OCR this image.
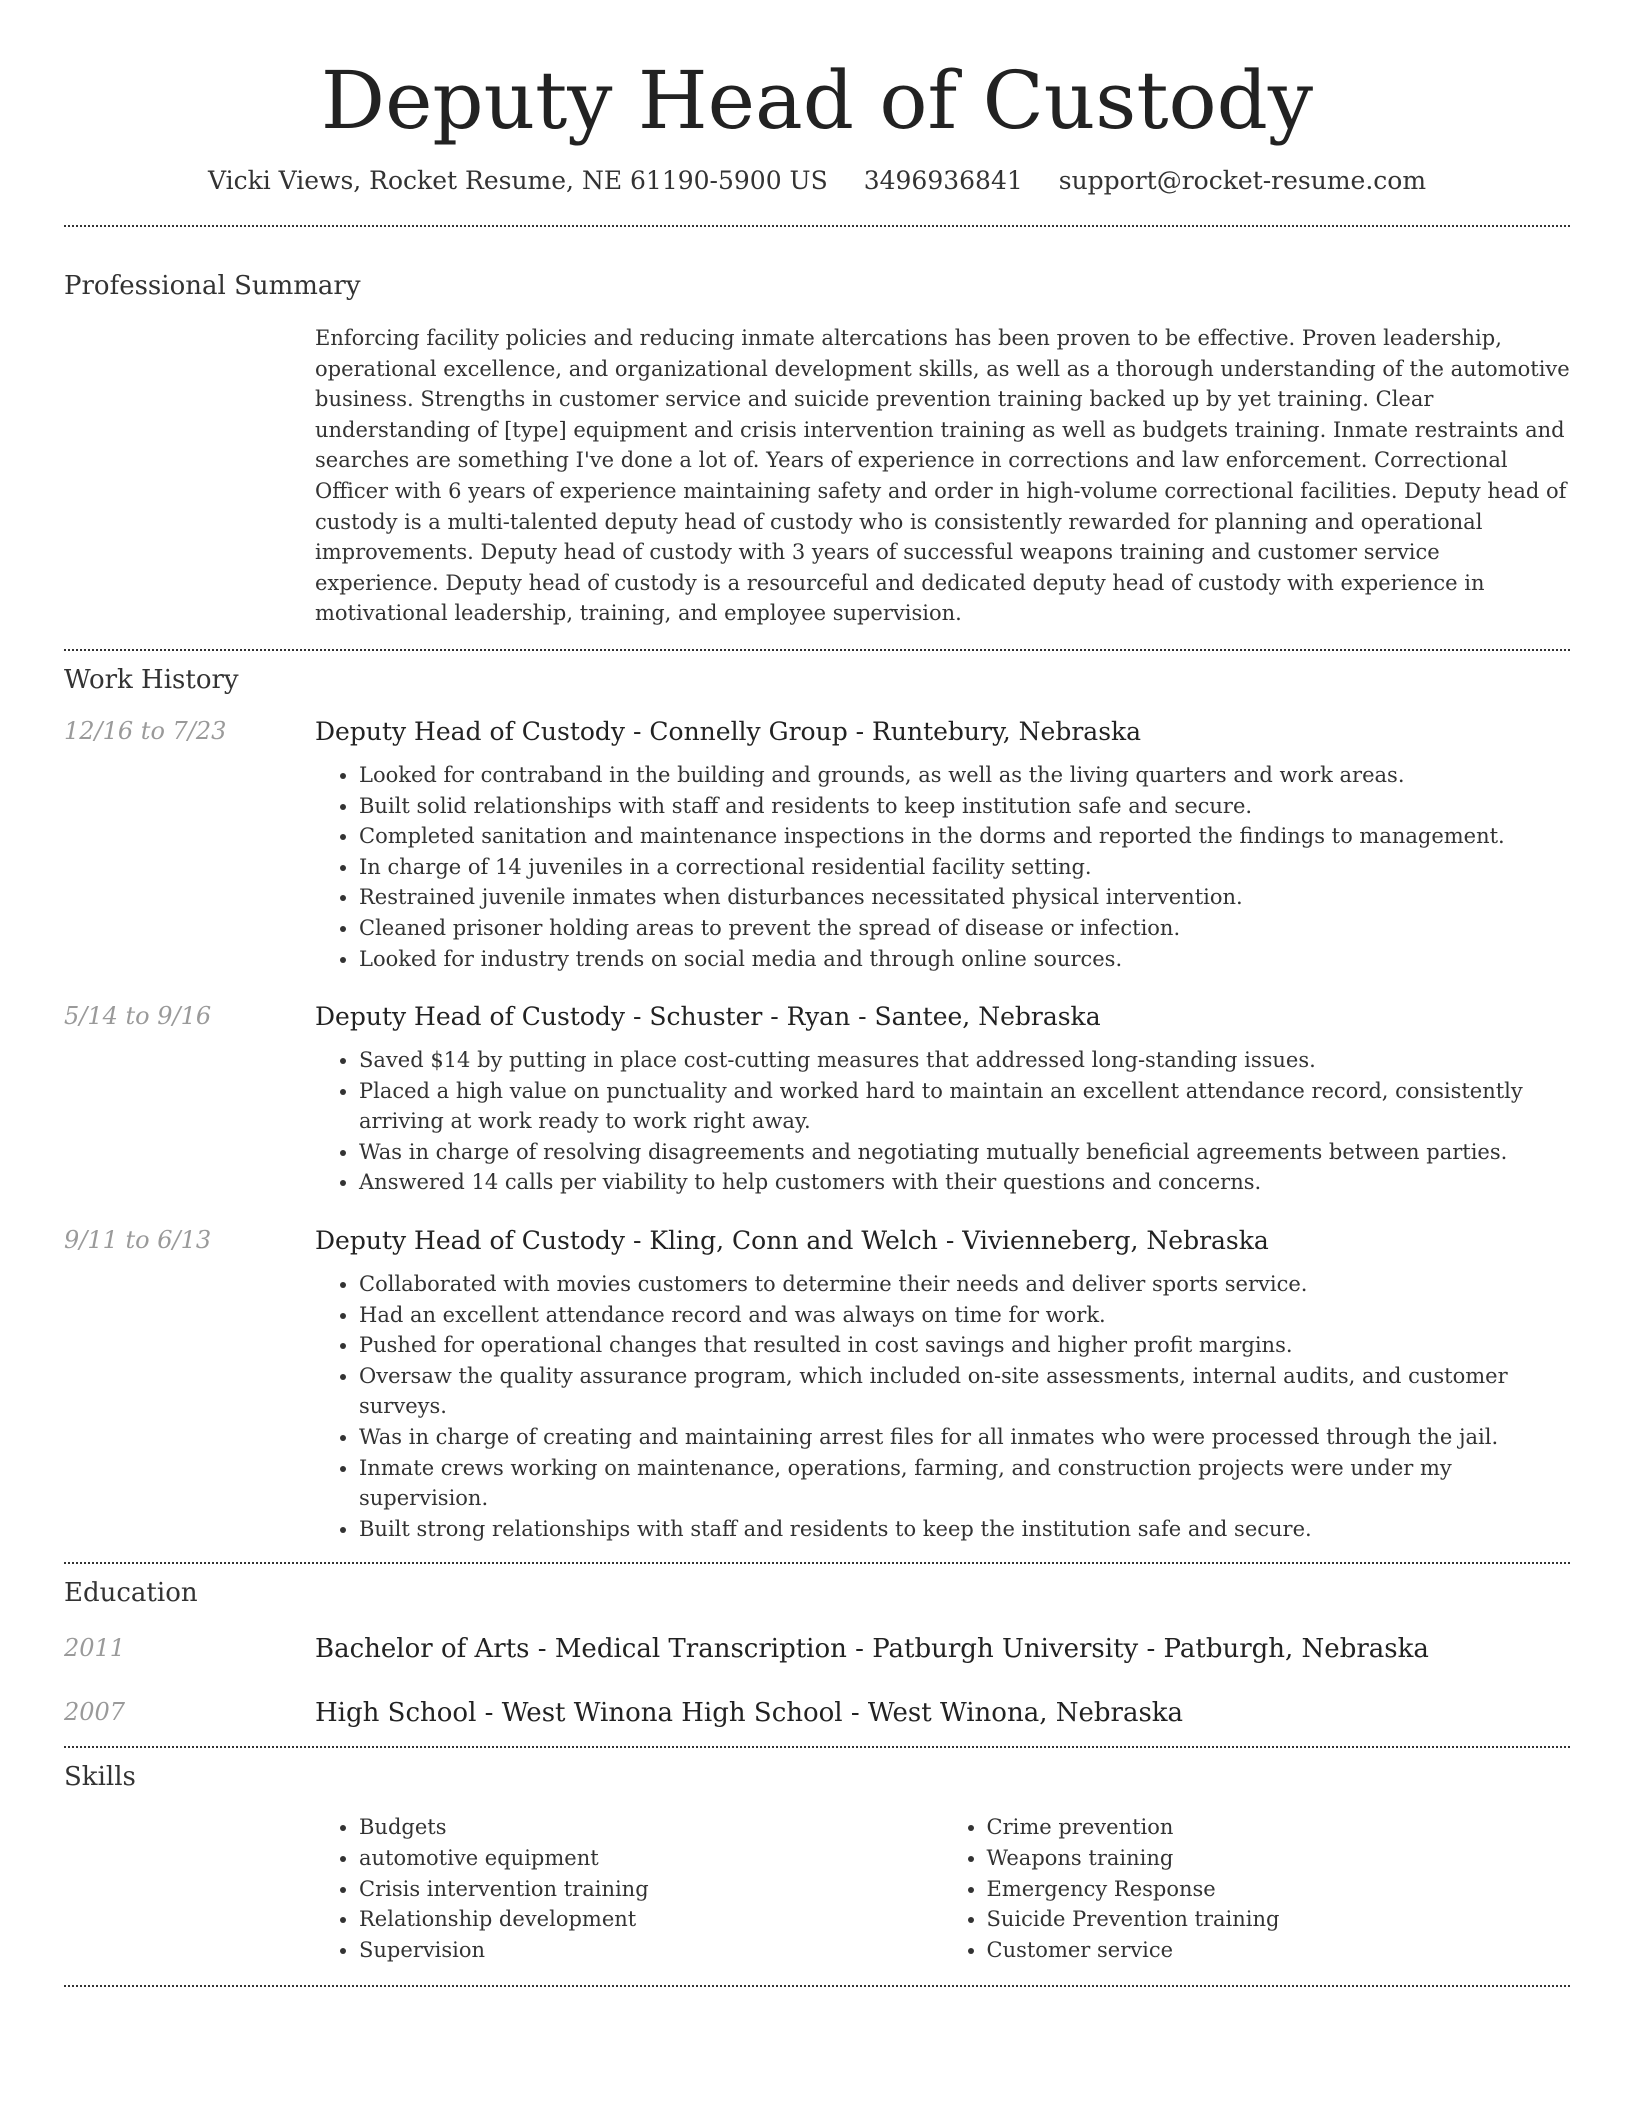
Deputy Head of Custody
Vicki Views, Rocket Resume, NE 61190-5900 US 3496936841 support@rocket-resume.com
Professional Summary
Enforcing facility policies and reducing inmate altercations has been proven to be effective. Proven leadership, operational excellence, and organizational development skills, as well as a thorough understanding of the automotive business. Strengths in customer service and suicide prevention training backed up by yet training. Clear understanding of [type] equipment and crisis intervention training as well as budgets training. Inmate restraints and searches are something I've done a lot of. Years of experience in corrections and law enforcement. Correctional Officer with 6 years of experience maintaining safety and order in high-volume correctional facilities. Deputy head of custody is a multi-talented deputy head of custody who is consistently rewarded for planning and operational improvements. Deputy head of custody with 3 years of successful weapons training and customer service experience. Deputy head of custody is a resourceful and dedicated deputy head of custody with experience in motivational leadership, training, and employee supervision.
Work History
12/16 to 7/23	Deputy Head of Custody - Connelly Group - Runtebury, Nebraska
• Looked for contraband in the building and grounds, as well as the living quarters and work areas.
• Built solid relationships with staff and residents to keep institution safe and secure.
• Completed sanitation and maintenance inspections in the dorms and reported the findings to management.
• In charge of 14 juveniles in a correctional residential facility setting.
• Restrained juvenile inmates when disturbances necessitated physical intervention.
• Cleaned prisoner holding areas to prevent the spread of disease or infection.
• Looked for industry trends on social media and through online sources.
5/14 to 9/16	Deputy Head of Custody - Schuster - Ryan - Santee, Nebraska
• Saved $14 by putting in place cost-cutting measures that addressed long-standing issues.
• Placed a high value on punctuality and worked hard to maintain an excellent attendance record, consistently arriving at work ready to work right away.
• Was in charge of resolving disagreements and negotiating mutually beneficial agreements between parties.
• Answered 14 calls per viability to help customers with their questions and concerns.
9/11 to 6/13	Deputy Head of Custody - Kling, Conn and Welch - Vivienneberg, Nebraska
• Collaborated with movies customers to determine their needs and deliver sports service.
• Had an excellent attendance record and was always on time for work.
• Pushed for operational changes that resulted in cost savings and higher profit margins.
• Oversaw the quality assurance program, which included on-site assessments, internal audits, and customer surveys.
• Was in charge of creating and maintaining arrest files for all inmates who were processed through the jail.
• Inmate crews working on maintenance, operations, farming, and construction projects were under my supervision.
• Built strong relationships with staff and residents to keep the institution safe and secure.
Education
2011	Bachelor of Arts - Medical Transcription - Patburgh University - Patburgh, Nebraska
2007	High School - West Winona High School - West Winona, Nebraska
Skills
• Budgets
• automotive equipment
• Crisis intervention training
• Relationship development
• Supervision
• Crime prevention
• Weapons training
• Emergency Response
• Suicide Prevention training
• Customer service
